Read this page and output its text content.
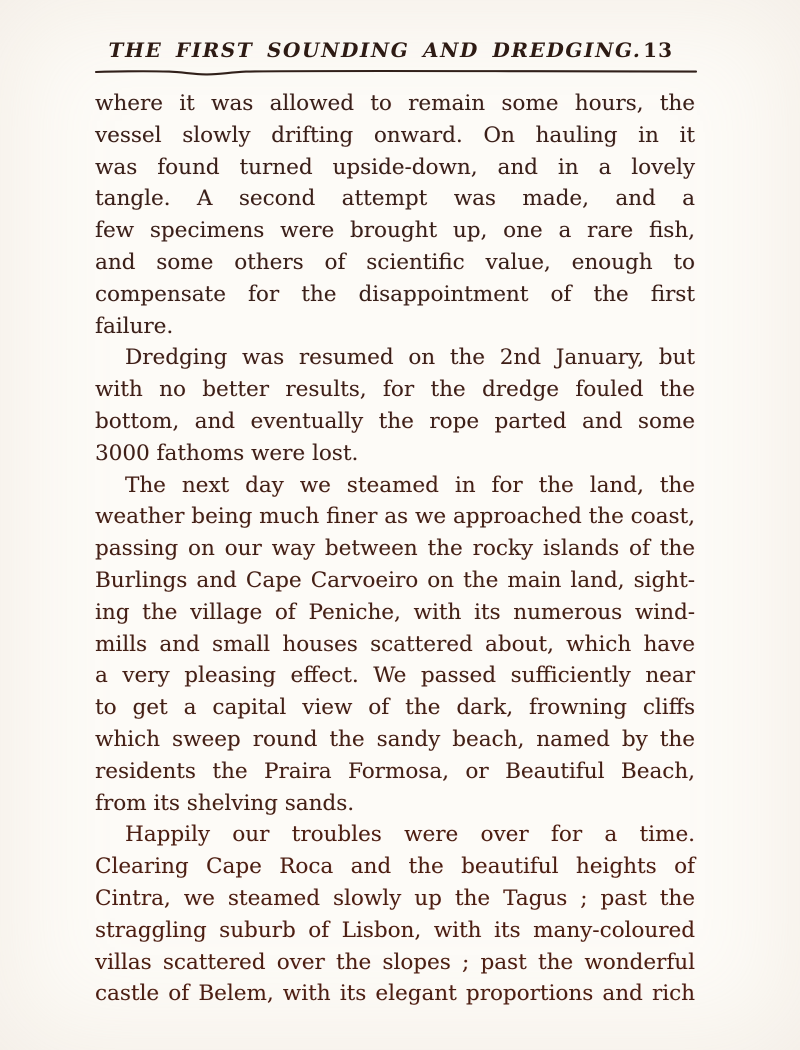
THE FIRST SOUNDING AND DREDGING. 13
where it was allowed to remain some hours, the
vessel slowly drifting onward. On hauling in it
was found turned upside-down, and in a lovely
tangle. A second attempt was made, and a
few specimens were brought up, one a rare fish,
and some others of scientific value, enough to
compensate for the disappointment of the first
failure.
Dredging was resumed on the 2nd January, but
with no better results, for the dredge fouled the
bottom, and eventually the rope parted and some
3000 fathoms were lost.
The next day we steamed in for the land, the
weather being much finer as we approached the coast,
passing on our way between the rocky islands of the
Burlings and Cape Carvoeiro on the main land, sight-
ing the village of Peniche, with its numerous wind-
mills and small houses scattered about, which have
a very pleasing effect. We passed sufficiently near
to get a capital view of the dark, frowning cliffs
which sweep round the sandy beach, named by the
residents the Praira Formosa, or Beautiful Beach,
from its shelving sands.
Happily our troubles were over for a time.
Clearing Cape Roca and the beautiful heights of
Cintra, we steamed slowly up the Tagus ; past the
straggling suburb of Lisbon, with its many-coloured
villas scattered over the slopes ; past the wonderful
castle of Belem, with its elegant proportions and rich
